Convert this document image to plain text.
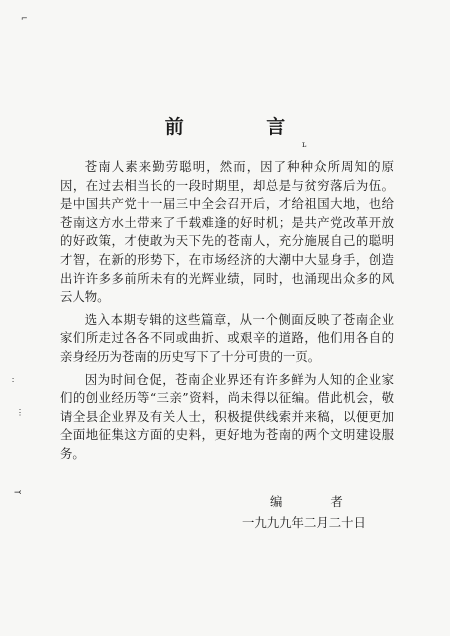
⌐
ʟ
∶
⋮
⤙
前 言

苍南人素来勤劳聪明，然而，因了种种众所周知的原因，在过去相当长的一段时期里，却总是与贫穷落后为伍。是中国共产党十一届三中全会召开后，才给祖国大地，也给苍南这方水土带来了千载难逢的好时机；是共产党改革开放的好政策，才使敢为天下先的苍南人，充分施展自己的聪明才智，在新的形势下，在市场经济的大潮中大显身手，创造出许许多多前所未有的光辉业绩，同时，也涌现出众多的风云人物。

选入本期专辑的这些篇章，从一个侧面反映了苍南企业家们所走过各各不同或曲折、或艰辛的道路，他们用各自的亲身经历为苍南的历史写下了十分可贵的一页。

因为时间仓促，苍南企业界还有许多鲜为人知的企业家们的创业经历等“三亲”资料，尚未得以征编。借此机会，敬请全县企业界及有关人士，积极提供线索并来稿，以便更加全面地征集这方面的史料，更好地为苍南的两个文明建设服务。

编 者
一九九九年二月二十日
